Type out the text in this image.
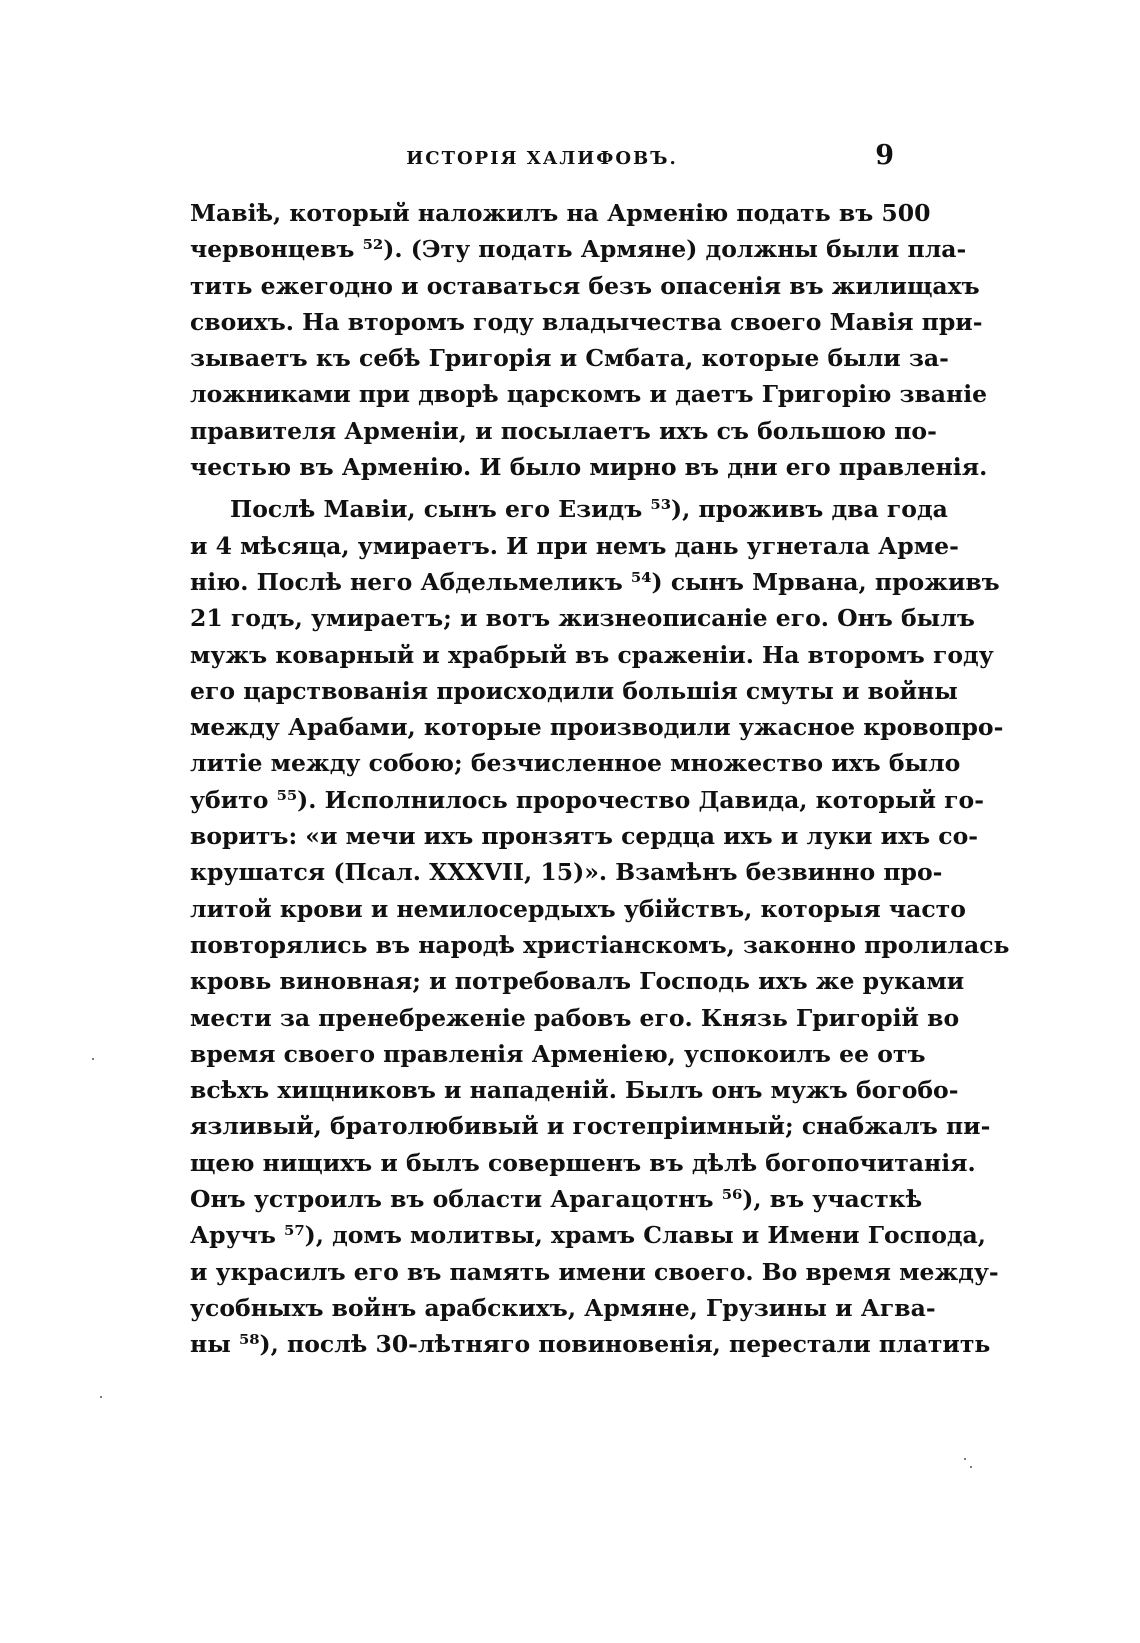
ИСТОРІЯ ХАЛИФОВЪ.	9
Мавіѣ, который наложилъ на Арменію подать въ 500
червонцевъ ⁵²). (Эту подать Армяне) должны были пла-
тить ежегодно и оставаться безъ опасенія въ жилищахъ
своихъ. На второмъ году владычества своего Мавія при-
зываетъ къ себѣ Григорія и Смбата, которые были за-
ложниками при дворѣ царскомъ и даетъ Григорію званіе
правителя Арменіи, и посылаетъ ихъ съ большою по-
честью въ Арменію. И было мирно въ дни его правленія.
Послѣ Мавіи, сынъ его Езидъ ⁵³), проживъ два года
и 4 мѣсяца, умираетъ. И при немъ дань угнетала Арме-
нію. Послѣ него Абдельмеликъ ⁵⁴) сынъ Мрвана, проживъ
21 годъ, умираетъ; и вотъ жизнеописаніе его. Онъ былъ
мужъ коварный и храбрый въ сраженіи. На второмъ году
его царствованія происходили большія смуты и войны
между Арабами, которые производили ужасное кровопро-
литіе между собою; безчисленное множество ихъ было
убито ⁵⁵). Исполнилось пророчество Давида, который го-
воритъ: «и мечи ихъ пронзятъ сердца ихъ и луки ихъ со-
крушатся (Псал. XXXVII, 15)». Взамѣнъ безвинно про-
литой крови и немилосердыхъ убійствъ, которыя часто
повторялись въ народѣ христіанскомъ, законно пролилась
кровь виновная; и потребовалъ Господь ихъ же руками
мести за пренебреженіе рабовъ его. Князь Григорій во
время своего правленія Арменіею, успокоилъ ее отъ
всѣхъ хищниковъ и нападеній. Былъ онъ мужъ богобо-
язливый, братолюбивый и гостепріимный; снабжалъ пи-
щею нищихъ и былъ совершенъ въ дѣлѣ богопочитанія.
Онъ устроилъ въ области Арагацотнъ ⁵⁶), въ участкѣ
Аручъ ⁵⁷), домъ молитвы, храмъ Славы и Имени Господа,
и украсилъ его въ память имени своего. Во время между-
усобныхъ войнъ арабскихъ, Армяне, Грузины и Агва-
ны ⁵⁸), послѣ 30-лѣтняго повиновенія, перестали платить
